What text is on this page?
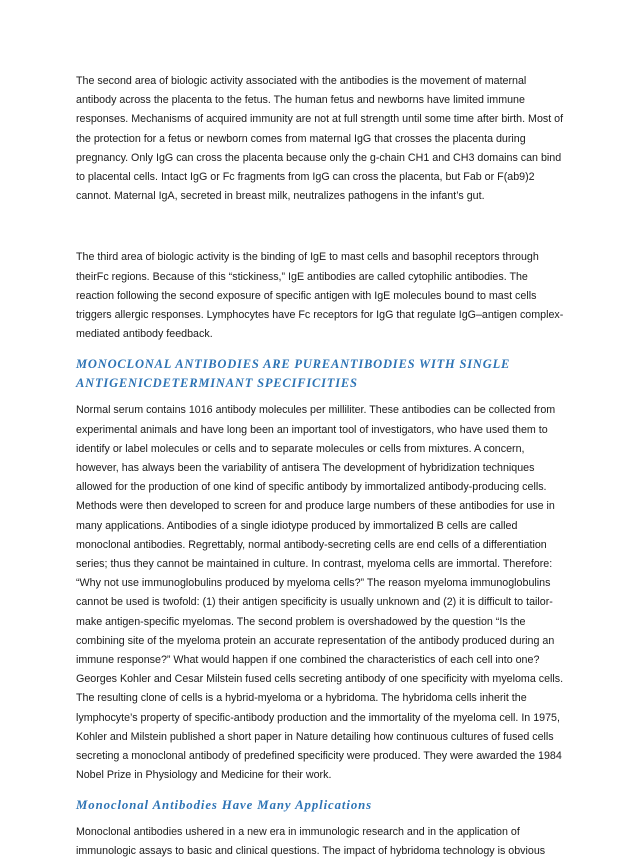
The second area of biologic activity associated with the antibodies is the movement of maternal antibody across the placenta to the fetus. The human fetus and newborns have limited immune responses. Mechanisms of acquired immunity are not at full strength until some time after birth. Most of the protection for a fetus or newborn comes from maternal IgG that crosses the placenta during pregnancy. Only IgG can cross the placenta because only the g-chain CH1 and CH3 domains can bind to placental cells. Intact IgG or Fc fragments from IgG can cross the placenta, but Fab or F(ab9)2 cannot. Maternal IgA, secreted in breast milk, neutralizes pathogens in the infant’s gut.

The third area of biologic activity is the binding of IgE to mast cells and basophil receptors through theirFc regions. Because of this “stickiness,” IgE antibodies are called cytophilic antibodies. The reaction following the second exposure of specific antigen with IgE molecules bound to mast cells triggers allergic responses. Lymphocytes have Fc receptors for IgG that regulate IgG–antigen complex-mediated antibody feedback.

MONOCLONAL ANTIBODIES ARE PUREANTIBODIES WITH SINGLE
ANTIGENICDETERMINANT SPECIFICITIES

Normal serum contains 1016 antibody molecules per milliliter. These antibodies can be collected from experimental animals and have long been an important tool of investigators, who have used them to identify or label molecules or cells and to separate molecules or cells from mixtures. A concern, however, has always been the variability of antisera The development of hybridization techniques allowed for the production of one kind of specific antibody by immortalized antibody-producing cells. Methods were then developed to screen for and produce large numbers of these antibodies for use in many applications. Antibodies of a single idiotype produced by immortalized B cells are called monoclonal antibodies. Regrettably, normal antibody-secreting cells are end cells of a differentiation series; thus they cannot be maintained in culture. In contrast, myeloma cells are immortal. Therefore: “Why not use immunoglobulins produced by myeloma cells?” The reason myeloma immunoglobulins cannot be used is twofold: (1) their antigen specificity is usually unknown and (2) it is difficult to tailor-make antigen-specific myelomas. The second problem is overshadowed by the question “Is the combining site of the myeloma protein an accurate representation of the antibody produced during an immune response?” What would happen if one combined the characteristics of each cell into one? Georges Kohler and Cesar Milstein fused cells secreting antibody of one specificity with myeloma cells. The resulting clone of cells is a hybrid-myeloma or a hybridoma. The hybridoma cells inherit the lymphocyte’s property of specific-antibody production and the immortality of the myeloma cell. In 1975, Kohler and Milstein published a short paper in Nature detailing how continuous cultures of fused cells secreting a monoclonal antibody of predefined specificity were produced. They were awarded the 1984 Nobel Prize in Physiology and Medicine for their work.

Monoclonal Antibodies Have Many Applications

Monoclonal antibodies ushered in a new era in immunologic research and in the application of immunologic assays to basic and clinical questions. The impact of hybridoma technology is obvious
